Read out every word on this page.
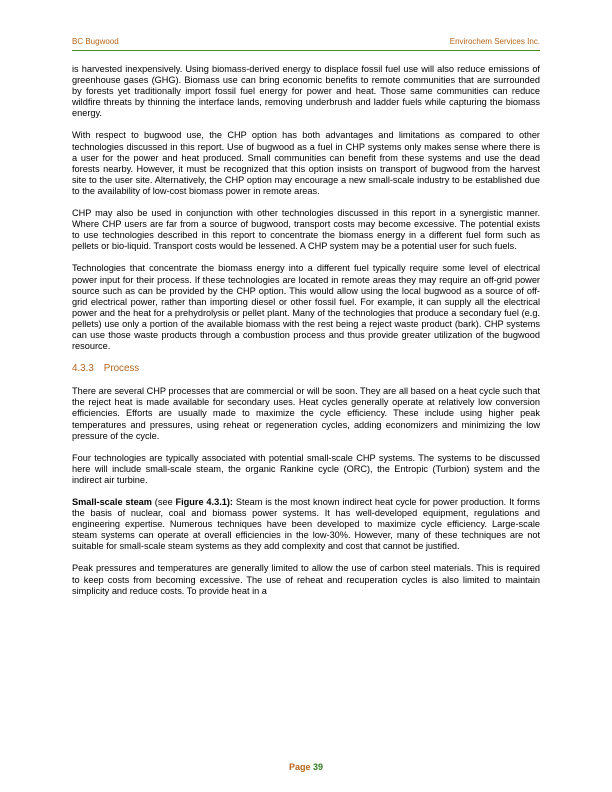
BC Bugwood	Envirochem Services Inc.

is harvested inexpensively. Using biomass-derived energy to displace fossil fuel use will also reduce emissions of greenhouse gases (GHG). Biomass use can bring economic benefits to remote communities that are surrounded by forests yet traditionally import fossil fuel energy for power and heat. Those same communities can reduce wildfire threats by thinning the interface lands, removing underbrush and ladder fuels while capturing the biomass energy.

With respect to bugwood use, the CHP option has both advantages and limitations as compared to other technologies discussed in this report. Use of bugwood as a fuel in CHP systems only makes sense where there is a user for the power and heat produced. Small communities can benefit from these systems and use the dead forests nearby. However, it must be recognized that this option insists on transport of bugwood from the harvest site to the user site. Alternatively, the CHP option may encourage a new small-scale industry to be established due to the availability of low-cost biomass power in remote areas.

CHP may also be used in conjunction with other technologies discussed in this report in a synergistic manner. Where CHP users are far from a source of bugwood, transport costs may become excessive. The potential exists to use technologies described in this report to concentrate the biomass energy in a different fuel form such as pellets or bio-liquid. Transport costs would be lessened. A CHP system may be a potential user for such fuels.

Technologies that concentrate the biomass energy into a different fuel typically require some level of electrical power input for their process. If these technologies are located in remote areas they may require an off-grid power source such as can be provided by the CHP option. This would allow using the local bugwood as a source of off-grid electrical power, rather than importing diesel or other fossil fuel. For example, it can supply all the electrical power and the heat for a prehydrolysis or pellet plant. Many of the technologies that produce a secondary fuel (e.g. pellets) use only a portion of the available biomass with the rest being a reject waste product (bark). CHP systems can use those waste products through a combustion process and thus provide greater utilization of the bugwood resource.

4.3.3 Process

There are several CHP processes that are commercial or will be soon. They are all based on a heat cycle such that the reject heat is made available for secondary uses. Heat cycles generally operate at relatively low conversion efficiencies. Efforts are usually made to maximize the cycle efficiency. These include using higher peak temperatures and pressures, using reheat or regeneration cycles, adding economizers and minimizing the low pressure of the cycle.

Four technologies are typically associated with potential small-scale CHP systems. The systems to be discussed here will include small-scale steam, the organic Rankine cycle (ORC), the Entropic (Turbion) system and the indirect air turbine.

Small-scale steam (see Figure 4.3.1): Steam is the most known indirect heat cycle for power production. It forms the basis of nuclear, coal and biomass power systems. It has well-developed equipment, regulations and engineering expertise. Numerous techniques have been developed to maximize cycle efficiency. Large-scale steam systems can operate at overall efficiencies in the low-30%. However, many of these techniques are not suitable for small-scale steam systems as they add complexity and cost that cannot be justified.

Peak pressures and temperatures are generally limited to allow the use of carbon steel materials. This is required to keep costs from becoming excessive. The use of reheat and recuperation cycles is also limited to maintain simplicity and reduce costs. To provide heat in a

Page 39
